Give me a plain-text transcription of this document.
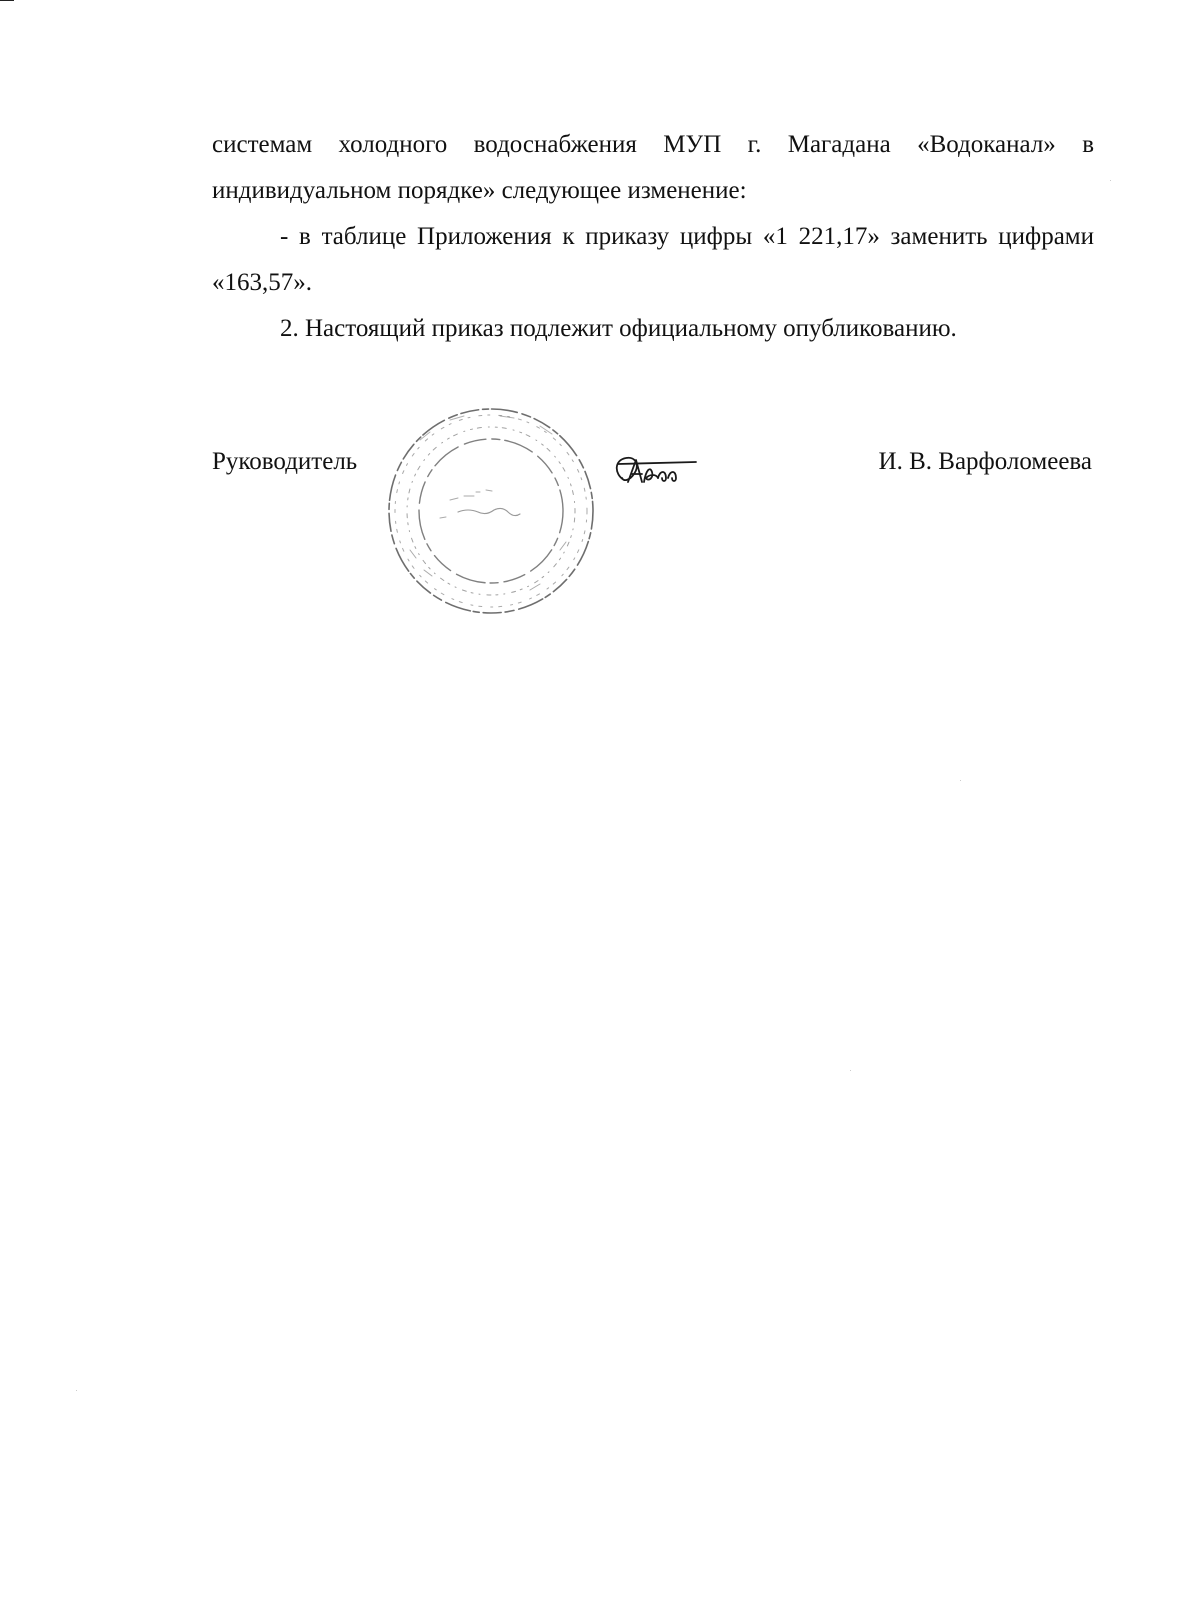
системам холодного водоснабжения МУП г. Магадана «Водоканал» в индивидуальном порядке» следующее изменение:

- в таблице Приложения к приказу цифры «1 221,17» заменить цифрами «163,57».

2. Настоящий приказ подлежит официальному опубликованию.

Руководитель	И. В. Варфоломеева
